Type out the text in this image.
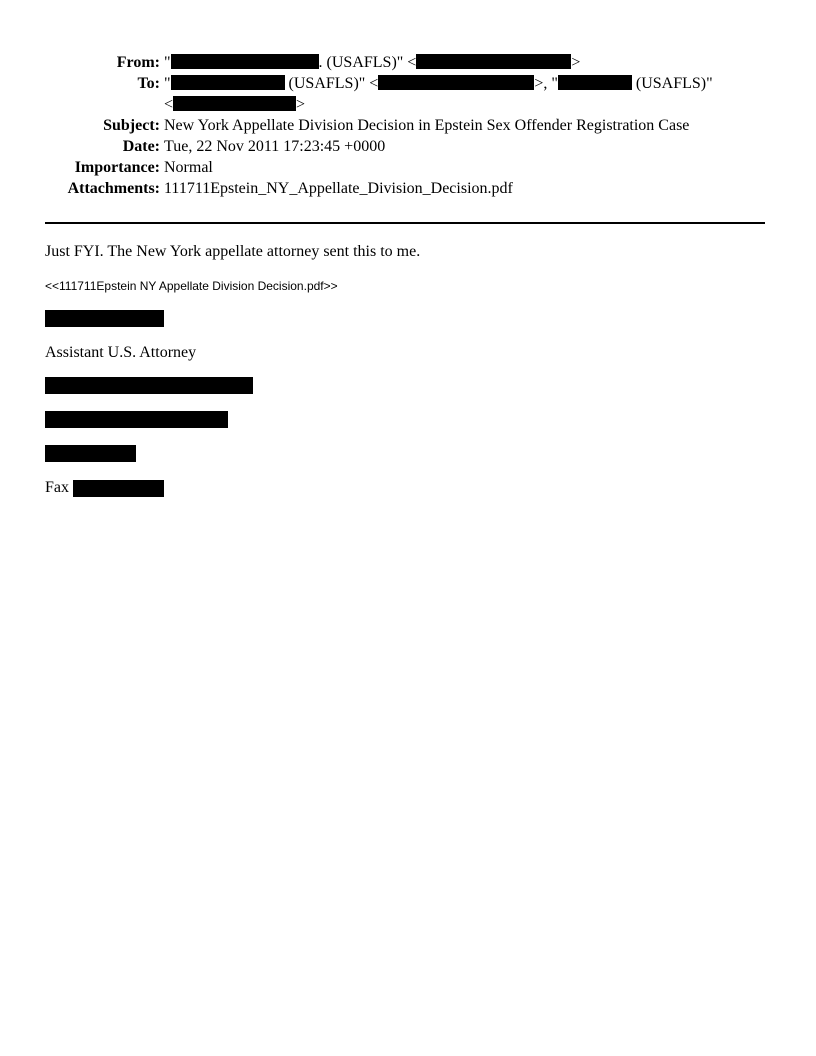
From: "	. (USAFLS)" <	>
To: "	(USAFLS)" <	>, "	(USAFLS)"
<	>
Subject: New York Appellate Division Decision in Epstein Sex Offender Registration Case
Date: Tue, 22 Nov 2011 17:23:45 +0000
Importance: Normal
Attachments: 111711Epstein_NY_Appellate_Division_Decision.pdf
Just FYI. The New York appellate attorney sent this to me.
<<111711Epstein NY Appellate Division Decision.pdf>>
Assistant U.S. Attorney
Fax
